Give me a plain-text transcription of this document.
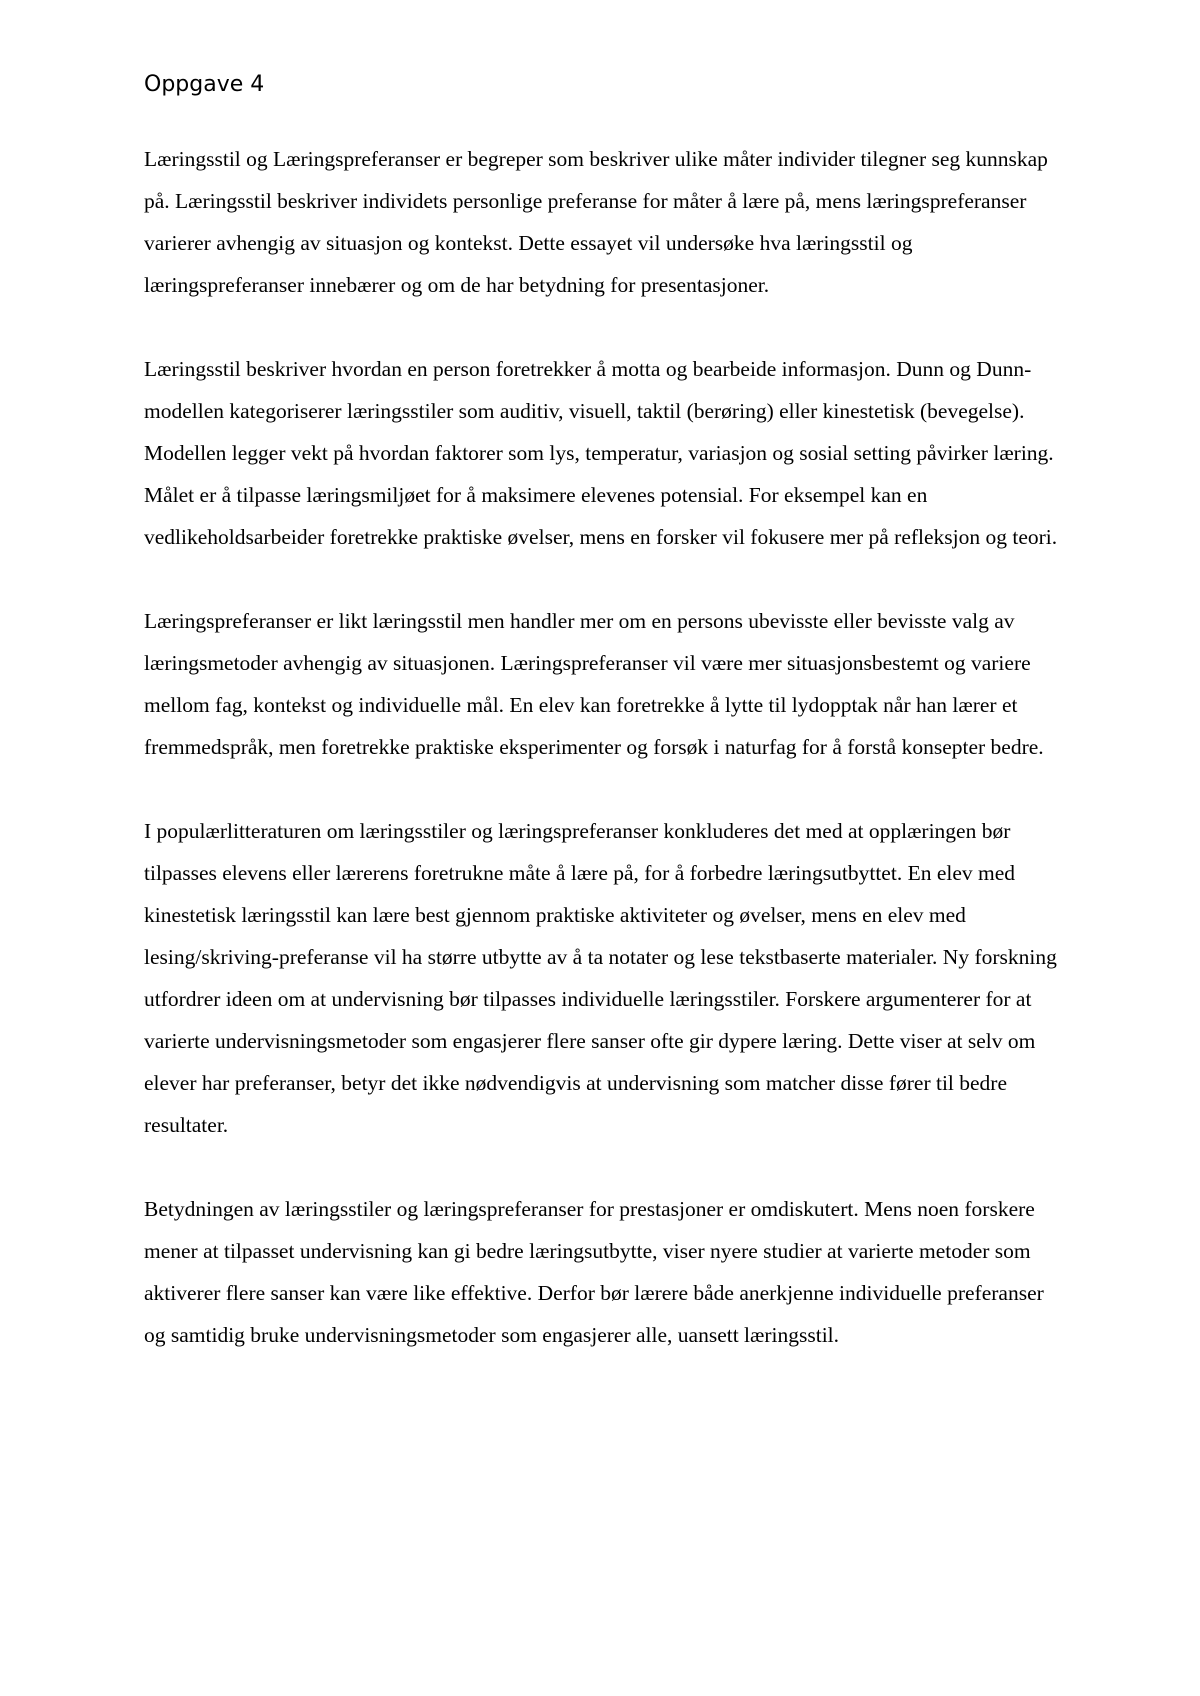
Oppgave 4

Læringsstil og Læringspreferanser er begreper som beskriver ulike måter individer tilegner seg kunnskap på. Læringsstil beskriver individets personlige preferanse for måter å lære på, mens læringspreferanser varierer avhengig av situasjon og kontekst. Dette essayet vil undersøke hva læringsstil og læringspreferanser innebærer og om de har betydning for presentasjoner.

Læringsstil beskriver hvordan en person foretrekker å motta og bearbeide informasjon. Dunn og Dunn-modellen kategoriserer læringsstiler som auditiv, visuell, taktil (berøring) eller kinestetisk (bevegelse). Modellen legger vekt på hvordan faktorer som lys, temperatur, variasjon og sosial setting påvirker læring. Målet er å tilpasse læringsmiljøet for å maksimere elevenes potensial. For eksempel kan en vedlikeholdsarbeider foretrekke praktiske øvelser, mens en forsker vil fokusere mer på refleksjon og teori.

Læringspreferanser er likt læringsstil men handler mer om en persons ubevisste eller bevisste valg av læringsmetoder avhengig av situasjonen. Læringspreferanser vil være mer situasjonsbestemt og variere mellom fag, kontekst og individuelle mål. En elev kan foretrekke å lytte til lydopptak når han lærer et fremmedspråk, men foretrekke praktiske eksperimenter og forsøk i naturfag for å forstå konsepter bedre.

I populærlitteraturen om læringsstiler og læringspreferanser konkluderes det med at opplæringen bør tilpasses elevens eller lærerens foretrukne måte å lære på, for å forbedre læringsutbyttet. En elev med kinestetisk læringsstil kan lære best gjennom praktiske aktiviteter og øvelser, mens en elev med lesing/skriving-preferanse vil ha større utbytte av å ta notater og lese tekstbaserte materialer. Ny forskning utfordrer ideen om at undervisning bør tilpasses individuelle læringsstiler. Forskere argumenterer for at varierte undervisningsmetoder som engasjerer flere sanser ofte gir dypere læring. Dette viser at selv om elever har preferanser, betyr det ikke nødvendigvis at undervisning som matcher disse fører til bedre resultater.

Betydningen av læringsstiler og læringspreferanser for prestasjoner er omdiskutert. Mens noen forskere mener at tilpasset undervisning kan gi bedre læringsutbytte, viser nyere studier at varierte metoder som aktiverer flere sanser kan være like effektive. Derfor bør lærere både anerkjenne individuelle preferanser og samtidig bruke undervisningsmetoder som engasjerer alle, uansett læringsstil.
